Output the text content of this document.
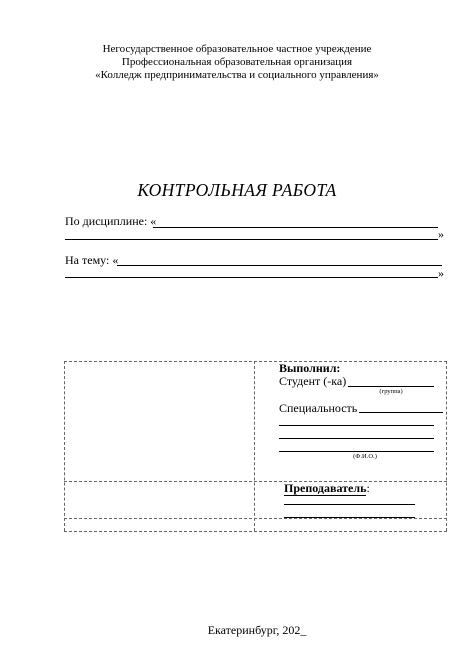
Негосударственное образовательное частное учреждение
Профессиональная образовательная организация
«Колледж предпринимательства и социального управления»
КОНТРОЛЬНАЯ РАБОТА
По дисциплине: «
»
На тему: «
»
Выполнил:
Студент (-ка)
(группа)
Специальность
(Ф.И.О.)
Преподаватель:
Екатеринбург, 202_
